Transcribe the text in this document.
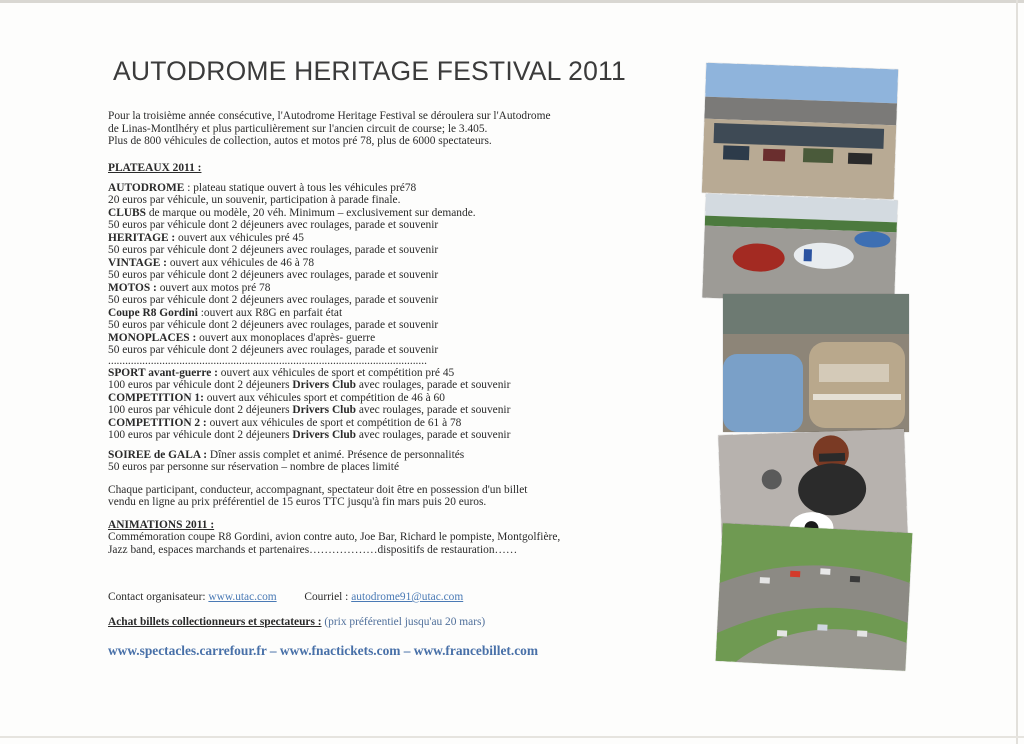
AUTODROME HERITAGE FESTIVAL 2011
Pour la troisième année consécutive, l'Autodrome Heritage Festival se déroulera sur l'Autodrome
de Linas-Montlhéry et plus particulièrement sur l'ancien circuit de course; le 3.405.
Plus de 800 véhicules de collection, autos et motos pré 78, plus de 6000 spectateurs.
PLATEAUX 2011 :
AUTODROME : plateau statique ouvert à tous les véhicules pré78
20 euros par véhicule, un souvenir, participation à parade finale.
CLUBS de marque ou modèle, 20 véh. Minimum – exclusivement sur demande.
50 euros par véhicule dont 2 déjeuners avec roulages, parade et souvenir
HERITAGE : ouvert aux véhicules pré 45
50 euros par véhicule dont 2 déjeuners avec roulages, parade et souvenir
VINTAGE : ouvert aux véhicules de 46 à 78
50 euros par véhicule dont 2 déjeuners avec roulages, parade et souvenir
MOTOS : ouvert aux motos pré 78
50 euros par véhicule dont 2 déjeuners avec roulages, parade et souvenir
Coupe R8 Gordini :ouvert aux R8G en parfait état
50 euros par véhicule dont 2 déjeuners avec roulages, parade et souvenir
MONOPLACES : ouvert aux monoplaces d'après- guerre
50 euros par véhicule dont 2 déjeuners avec roulages, parade et souvenir
................................................................................................................
SPORT avant-guerre : ouvert aux véhicules de sport et compétition pré 45
100 euros par véhicule dont 2 déjeuners Drivers Club avec roulages, parade et souvenir
COMPETITION 1: ouvert aux véhicules sport et compétition de 46 à 60
100 euros par véhicule dont 2 déjeuners Drivers Club avec roulages, parade et souvenir
COMPETITION 2 : ouvert aux véhicules de sport et compétition de 61 à 78
100 euros par véhicule dont 2 déjeuners Drivers Club avec roulages, parade et souvenir
SOIREE de GALA : Dîner assis complet et animé. Présence de personnalités
50 euros par personne sur réservation – nombre de places limité
Chaque participant, conducteur, accompagnant, spectateur doit être en possession d'un billet
vendu en ligne au prix préférentiel de 15 euros TTC jusqu'à fin mars puis 20 euros.
ANIMATIONS 2011 :
Commémoration coupe R8 Gordini, avion contre auto, Joe Bar, Richard le pompiste, Montgolfière,
Jazz band, espaces marchands et partenaires………………dispositifs de restauration……
Contact organisateur: www.utac.com Courriel : autodrome91@utac.com
Achat billets collectionneurs et spectateurs : (prix préférentiel jusqu'au 20 mars)
www.spectacles.carrefour.fr – www.fnactickets.com – www.francebillet.com
